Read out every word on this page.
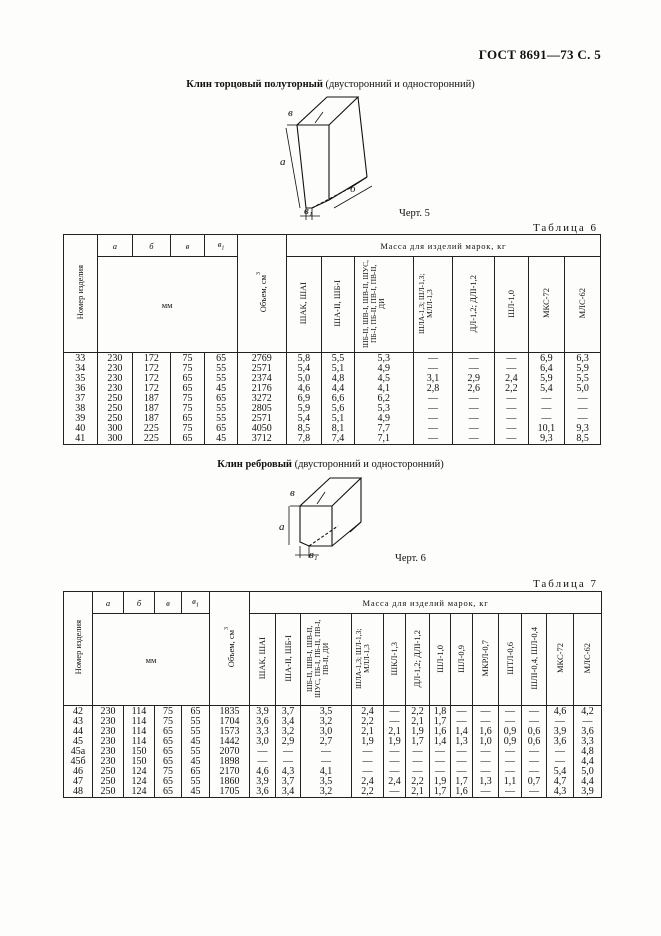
ГОСТ 8691—73 С. 5
Клин торцовый полуторный (двусторонний и односторонний)
в
а
в₁
б
Черт. 5
Таблица 6
Номер изделия	а	б	в	$в_1$	Объем, $см^3$	Масса для изделий марок, кг							
	мм					ШАК, ШАI	ША-II, ШБ-I	ШБ-II, ШВ-I, ШВ-II, ШУС, ПБ-I, ПБ-II, ПВ-I, ПВ-II, ДИ	ШЛА-1,3; ШЛ-1,3; МЛЛ-1,3	ДЛ-1,2; ДЛI-1,2	ШЛ-1,0	МКС-72	МЛС-62

33	230	172	75	65	2769	5,8	5,5	5,3	—	—	—	6,9	6,3
34	230	172	75	55	2571	5,4	5,1	4,9	—	—	—	6,4	5,9
35	230	172	65	55	2374	5,0	4,8	4,5	3,1	2,9	2,4	5,9	5,5
36	230	172	65	45	2176	4,6	4,4	4,1	2,8	2,6	2,2	5,4	5,0
37	250	187	75	65	3272	6,9	6,6	6,2	—	—	—	—	—
38	250	187	75	55	2805	5,9	5,6	5,3	—	—	—	—	—
39	250	187	65	55	2571	5,4	5,1	4,9	—	—	—	—	—
40	300	225	75	65	4050	8,5	8,1	7,7	—	—	—	10,1	9,3
41	300	225	65	45	3712	7,8	7,4	7,1	—	—	—	9,3	8,5
Клин ребровый (двусторонний и односторонний)
в
а
в₁	Черт. 6
Таблица 7
Номер изделия	а	б	в	$в_1$	Объем, $см^3$	Масса для изделий марок, кг												
	мм					ШАК, ШАI	ША-II, ШБ-I	ШБ-II, ШВ-I, ШВ-II, ШУС, ПБ-I, ПБ-II, ПВ-I, ПВ-II, ДИ	ШЛА-1,3; ШЛ-1,3; МЛЛ-1,3	ШКЛ-1,3	ДЛ-1,2; ДЛI-1,2	ШЛ-1,0	ШЛ-0,9	МКРЛ-0,7	ШТЛ-0,6	ШЛI-0,4, ШЛ-0,4	МКС-72	МЛС-62

42	230	114	75	65	1835	3,9	3,7	3,5	2,4	—	2,2	1,8	—	—	—	—	4,6	4,2
43	230	114	75	55	1704	3,6	3,4	3,2	2,2	—	2,1	1,7	—	—	—	—	—	—
44	230	114	65	55	1573	3,3	3,2	3,0	2,1	2,1	1,9	1,6	1,4	1,6	0,9	0,6	3,9	3,6
45	230	114	65	45	1442	3,0	2,9	2,7	1,9	1,9	1,7	1,4	1,3	1,0	0,9	0,6	3,6	3,3
45а	230	150	65	55	2070	—	—	—	—	—	—	—	—	—	—	—	—	4,8
45б	230	150	65	45	1898	—	—	—	—	—	—	—	—	—	—	—	—	4,4
46	250	124	75	65	2170	4,6	4,3	4,1	—	—	—	—	—	—	—	—	5,4	5,0
47	250	124	65	55	1860	3,9	3,7	3,5	2,4	2,4	2,2	1,9	1,7	1,3	1,1	0,7	4,7	4,4
48	250	124	65	45	1705	3,6	3,4	3,2	2,2	—	2,1	1,7	1,6	—	—	—	4,3	3,9
